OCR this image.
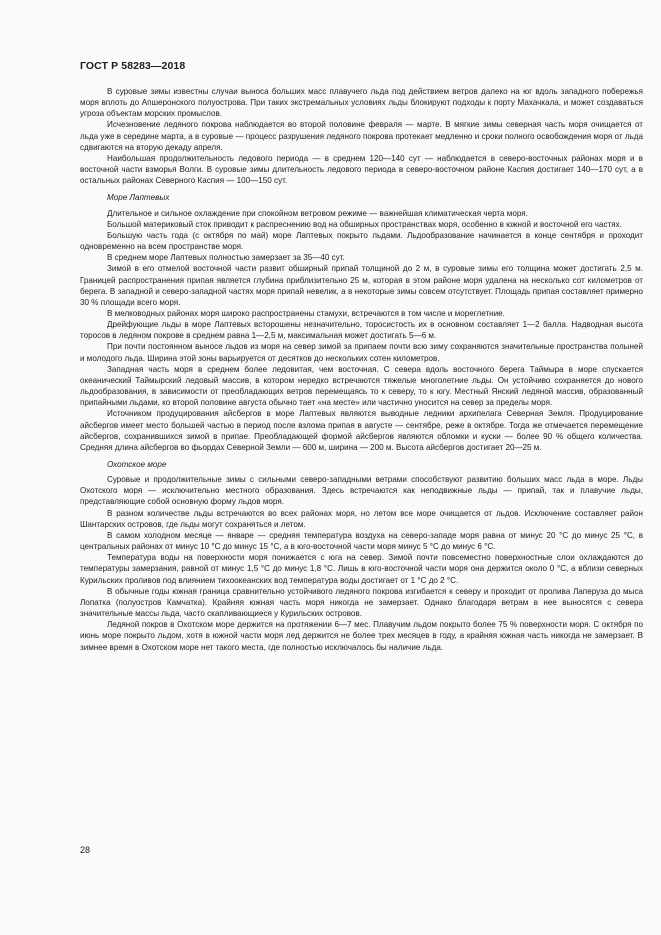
ГОСТ Р 58283—2018

В суровые зимы известны случаи выноса больших масс плавучего льда под действием ветров далеко на юг вдоль западного побережья моря вплоть до Апшеронского полуострова. При таких экстремальных условиях льды блокируют подходы к порту Махачкала, и может создаваться угроза объектам морских промыслов.

Исчезновение ледяного покрова наблюдается во второй половине февраля — марте. В мягкие зимы северная часть моря очищается от льда уже в середине марта, а в суровые — процесс разрушения ледяного покрова протекает медленно и сроки полного освобождения моря от льда сдвигаются на вторую декаду апреля.

Наибольшая продолжительность ледового периода — в среднем 120—140 сут — наблюдается в северо-восточных районах моря и в восточной части взморья Волги. В суровые зимы длительность ледового периода в северо-восточном районе Каспия достигает 140—170 сут, а в остальных районах Северного Каспия — 100—150 сут.

Море Лаптевых

Длительное и сильное охлаждение при спокойном ветровом режиме — важнейшая климатическая черта моря.

Большой материковый сток приводит к распреснению вод на обширных пространствах моря, особенно в южной и восточной его частях.

Большую часть года (с октября по май) море Лаптевых покрыто льдами. Льдообразование начинается в конце сентября и проходит одновременно на всем пространстве моря.

В среднем море Лаптевых полностью замерзает за 35—40 сут.

Зимой в его отмелой восточной части развит обширный припай толщиной до 2 м, в суровые зимы его толщина может достигать 2,5 м. Границей распространения припая является глубина приблизительно 25 м, которая в этом районе моря удалена на несколько сот километров от берега. В западной и северо-западной частях моря припай невелик, а в некоторые зимы совсем отсутствует. Площадь припая составляет примерно 30 % площади всего моря.

В мелководных районах моря широко распространены стамухи, встречаются в том числе и мореглетние.

Дрейфующие льды в море Лаптевых всторошены незначительно, торосистость их в основном составляет 1—2 балла. Надводная высота торосов в ледяном покрове в среднем равна 1—2,5 м, максимальная может достигать 5—6 м.

При почти постоянном выносе льдов из моря на север зимой за припаем почти всю зиму сохраняются значительные пространства полыней и молодого льда. Ширина этой зоны варьируется от десятков до нескольких сотен километров.

Западная часть моря в среднем более ледовитая, чем восточная. С севера вдоль восточного берега Таймыра в море спускается океанический Таймырский ледовый массив, в котором нередко встречаются тяжелые многолетние льды. Он устойчиво сохраняется до нового льдообразования, в зависимости от преобладающих ветров перемещаясь то к северу, то к югу. Местный Янский ледяной массив, образованный припайными льдами, ко второй половине августа обычно тает «на месте» или частично уносится на север за пределы моря.

Источником продуцирования айсбергов в море Лаптевых являются выводные ледники архипелага Северная Земля. Продуцирование айсбергов имеет место большей частью в период после взлома припая в августе — сентябре, реже в октябре. Тогда же отмечается перемещение айсбергов, сохранившихся зимой в припае. Преобладающей формой айсбергов являются обломки и куски — более 90 % общего количества. Средняя длина айсбергов во фьордах Северной Земли — 600 м, ширина — 200 м. Высота айсбергов достигает 20—25 м.

Охотское море

Суровые и продолжительные зимы с сильными северо-западными ветрами способствуют развитию больших масс льда в море. Льды Охотского моря — исключительно местного образования. Здесь встречаются как неподвижные льды — припай, так и плавучие льды, представляющие собой основную форму льдов моря.

В разном количестве льды встречаются во всех районах моря, но летом все море очищается от льдов. Исключение составляет район Шантарских островов, где льды могут сохраняться и летом.

В самом холодном месяце — январе — средняя температура воздуха на северо-западе моря равна от минус 20 °С до минус 25 °С, в центральных районах от минус 10 °С до минус 15 °С, а в юго-восточной части моря минус 5 °С до минус 6 °С.

Температура воды на поверхности моря понижается с юга на север. Зимой почти повсеместно поверхностные слои охлаждаются до температуры замерзания, равной от минус 1,5 °С до минус 1,8 °С. Лишь в юго-восточной части моря она держится около 0 °С, а вблизи северных Курильских проливов под влиянием тихоокеанских вод температура воды достигает от 1 °С до 2 °С.

В обычные годы южная граница сравнительно устойчивого ледяного покрова изгибается к северу и проходит от пролива Лаперуза до мыса Лопатка (полуостров Камчатка). Крайняя южная часть моря никогда не замерзает. Однако благодаря ветрам в нее выносятся с севера значительные массы льда, часто скапливающиеся у Курильских островов.

Ледяной покров в Охотском море держится на протяжении 6—7 мес. Плавучим льдом покрыто более 75 % поверхности моря. С октября по июнь море покрыто льдом, хотя в южной части моря лед держится не более трех месяцев в году, а крайняя южная часть никогда не замерзает. В зимнее время в Охотском море нет такого места, где полностью исключалось бы наличие льда.

28
